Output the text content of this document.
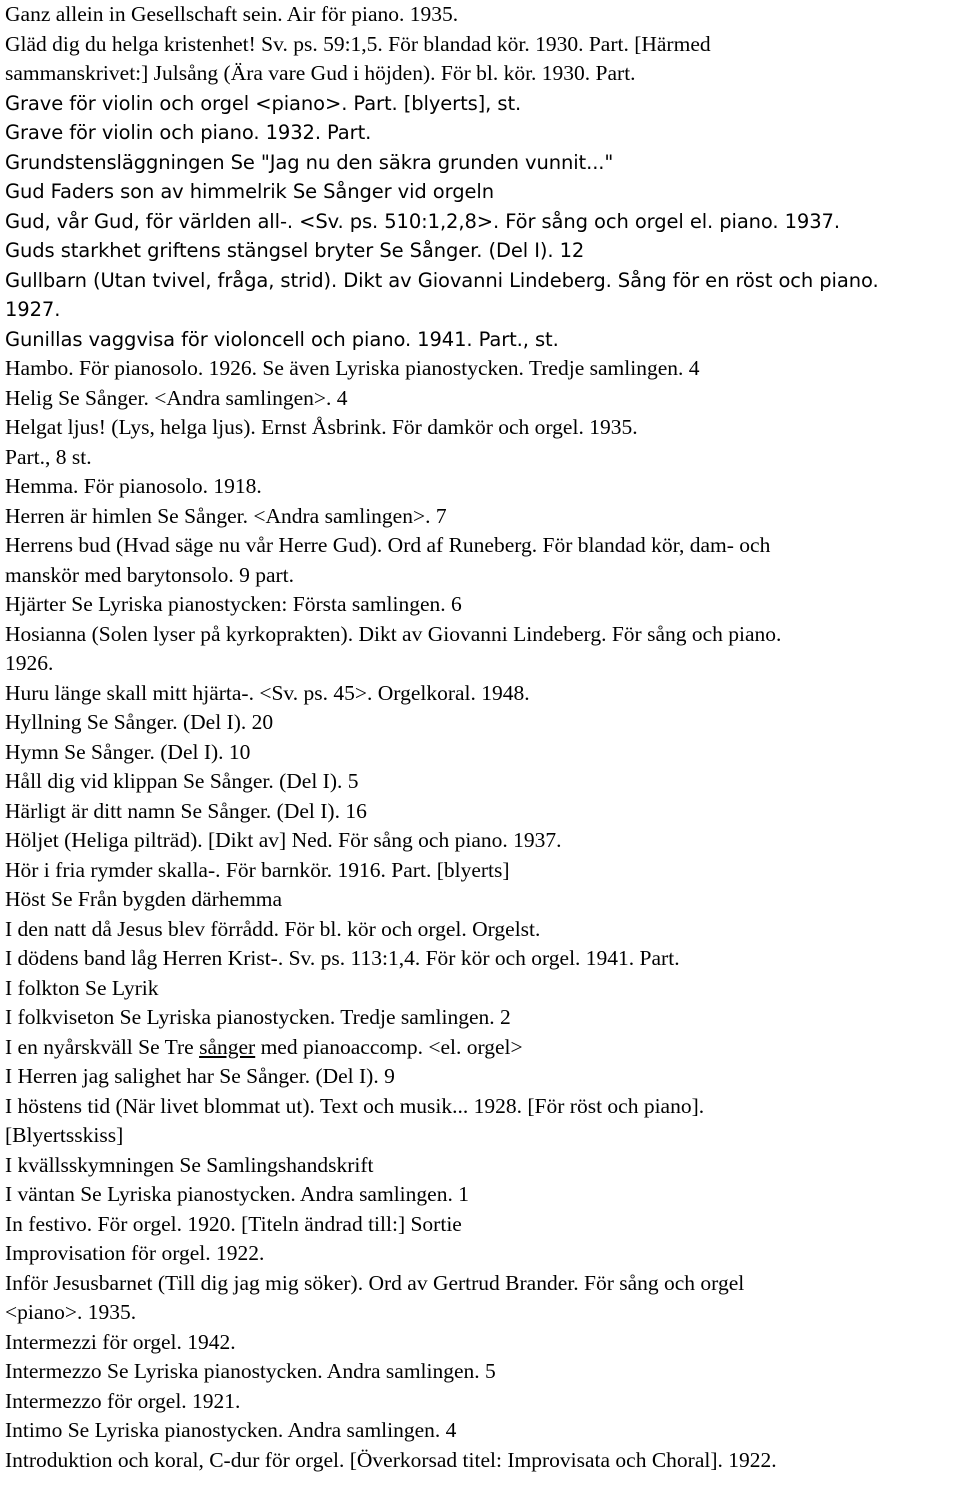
Ganz allein in Gesellschaft sein. Air för piano. 1935.
Gläd dig du helga kristenhet! Sv. ps. 59:1,5. För blandad kör. 1930. Part. [Härmed
sammanskrivet:] Julsång (Ära vare Gud i höjden). För bl. kör. 1930. Part.
Grave för violin och orgel <piano>. Part. [blyerts], st.
Grave för violin och piano. 1932. Part.
Grundstensläggningen Se "Jag nu den säkra grunden vunnit..."
Gud Faders son av himmelrik Se Sånger vid orgeln
Gud, vår Gud, för världen all-. <Sv. ps. 510:1,2,8>. För sång och orgel el. piano. 1937.
Guds starkhet griftens stängsel bryter Se Sånger. (Del I). 12
Gullbarn (Utan tvivel, fråga, strid). Dikt av Giovanni Lindeberg. Sång för en röst och piano.
1927.
Gunillas vaggvisa för violoncell och piano. 1941. Part., st.
Hambo. För pianosolo. 1926. Se även Lyriska pianostycken. Tredje samlingen. 4
Helig Se Sånger. <Andra samlingen>. 4
Helgat ljus! (Lys, helga ljus). Ernst Åsbrink. För damkör och orgel. 1935.
Part., 8 st.
Hemma. För pianosolo. 1918.
Herren är himlen Se Sånger. <Andra samlingen>. 7
Herrens bud (Hvad säge nu vår Herre Gud). Ord af Runeberg. För blandad kör, dam- och
manskör med barytonsolo. 9 part.
Hjärter Se Lyriska pianostycken: Första samlingen. 6
Hosianna (Solen lyser på kyrkoprakten). Dikt av Giovanni Lindeberg. För sång och piano.
1926.
Huru länge skall mitt hjärta-. <Sv. ps. 45>. Orgelkoral. 1948.
Hyllning Se Sånger. (Del I). 20
Hymn Se Sånger. (Del I). 10
Håll dig vid klippan Se Sånger. (Del I). 5
Härligt är ditt namn Se Sånger. (Del I). 16
Höljet (Heliga pilträd). [Dikt av] Ned. För sång och piano. 1937.
Hör i fria rymder skalla-. För barnkör. 1916. Part. [blyerts]
Höst Se Från bygden därhemma
I den natt då Jesus blev förrådd. För bl. kör och orgel. Orgelst.
I dödens band låg Herren Krist-. Sv. ps. 113:1,4. För kör och orgel. 1941. Part.
I folkton Se Lyrik
I folkviseton Se Lyriska pianostycken. Tredje samlingen. 2
I en nyårskväll Se Tre sånger med pianoaccomp. <el. orgel>
I Herren jag salighet har Se Sånger. (Del I). 9
I höstens tid (När livet blommat ut). Text och musik... 1928. [För röst och piano].
[Blyertsskiss]
I kvällsskymningen Se Samlingshandskrift
I väntan Se Lyriska pianostycken. Andra samlingen. 1
In festivo. För orgel. 1920. [Titeln ändrad till:] Sortie
Improvisation för orgel. 1922.
Inför Jesusbarnet (Till dig jag mig söker). Ord av Gertrud Brander. För sång och orgel
<piano>. 1935.
Intermezzi för orgel. 1942.
Intermezzo Se Lyriska pianostycken. Andra samlingen. 5
Intermezzo för orgel. 1921.
Intimo Se Lyriska pianostycken. Andra samlingen. 4
Introduktion och koral, C-dur för orgel. [Överkorsad titel: Improvisata och Choral]. 1922.
